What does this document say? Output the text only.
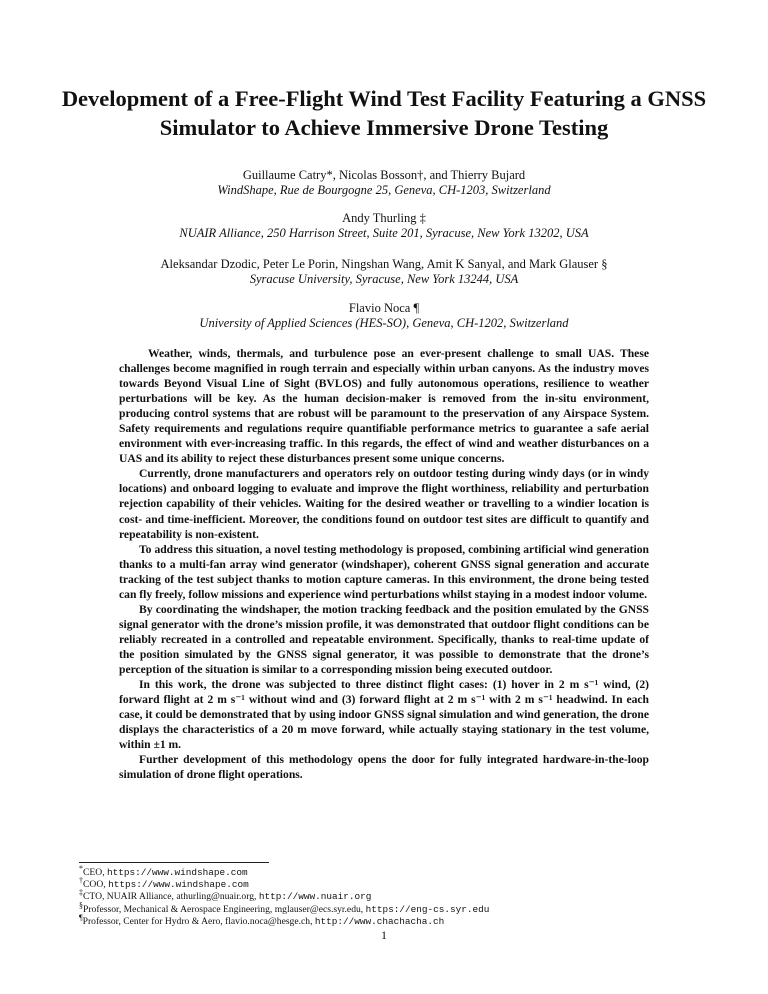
Development of a Free-Flight Wind Test Facility Featuring a GNSS Simulator to Achieve Immersive Drone Testing
Guillaume Catry*, Nicolas Bosson†, and Thierry Bujard
WindShape, Rue de Bourgogne 25, Geneva, CH-1203, Switzerland
Andy Thurling ‡
NUAIR Alliance, 250 Harrison Street, Suite 201, Syracuse, New York 13202, USA
Aleksandar Dzodic, Peter Le Porin, Ningshan Wang, Amit K Sanyal, and Mark Glauser §
Syracuse University, Syracuse, New York 13244, USA
Flavio Noca ¶
University of Applied Sciences (HES-SO), Geneva, CH-1202, Switzerland

Weather, winds, thermals, and turbulence pose an ever-present challenge to small UAS. These challenges become magnified in rough terrain and especially within urban canyons. As the industry moves towards Beyond Visual Line of Sight (BVLOS) and fully autonomous operations, resilience to weather perturbations will be key. As the human decision-maker is removed from the in-situ environment, producing control systems that are robust will be paramount to the preservation of any Airspace System. Safety requirements and regulations require quantifiable performance metrics to guarantee a safe aerial environment with ever-increasing traffic. In this regards, the effect of wind and weather disturbances on a UAS and its ability to reject these disturbances present some unique concerns.

Currently, drone manufacturers and operators rely on outdoor testing during windy days (or in windy locations) and onboard logging to evaluate and improve the flight worthiness, reliability and perturbation rejection capability of their vehicles. Waiting for the desired weather or travelling to a windier location is cost- and time-inefficient. Moreover, the conditions found on outdoor test sites are difficult to quantify and repeatability is non-existent.

To address this situation, a novel testing methodology is proposed, combining artificial wind generation thanks to a multi-fan array wind generator (windshaper), coherent GNSS signal generation and accurate tracking of the test subject thanks to motion capture cameras. In this environment, the drone being tested can fly freely, follow missions and experience wind perturbations whilst staying in a modest indoor volume.

By coordinating the windshaper, the motion tracking feedback and the position emulated by the GNSS signal generator with the drone’s mission profile, it was demonstrated that outdoor flight conditions can be reliably recreated in a controlled and repeatable environment. Specifically, thanks to real-time update of the position simulated by the GNSS signal generator, it was possible to demonstrate that the drone’s perception of the situation is similar to a corresponding mission being executed outdoor.

In this work, the drone was subjected to three distinct flight cases: (1) hover in 2 m s⁻¹ wind, (2) forward flight at 2 m s⁻¹ without wind and (3) forward flight at 2 m s⁻¹ with 2 m s⁻¹ headwind. In each case, it could be demonstrated that by using indoor GNSS signal simulation and wind generation, the drone displays the characteristics of a 20 m move forward, while actually staying stationary in the test volume, within ±1 m.

Further development of this methodology opens the door for fully integrated hardware-in-the-loop simulation of drone flight operations.

*CEO, https://www.windshape.com
†COO, https://www.windshape.com
‡CTO, NUAIR Alliance, athurling@nuair.org, http://www.nuair.org
§Professor, Mechanical & Aerospace Engineering, mglauser@ecs.syr.edu, https://eng-cs.syr.edu
¶Professor, Center for Hydro & Aero, flavio.noca@hesge.ch, http://www.chachacha.ch
1
